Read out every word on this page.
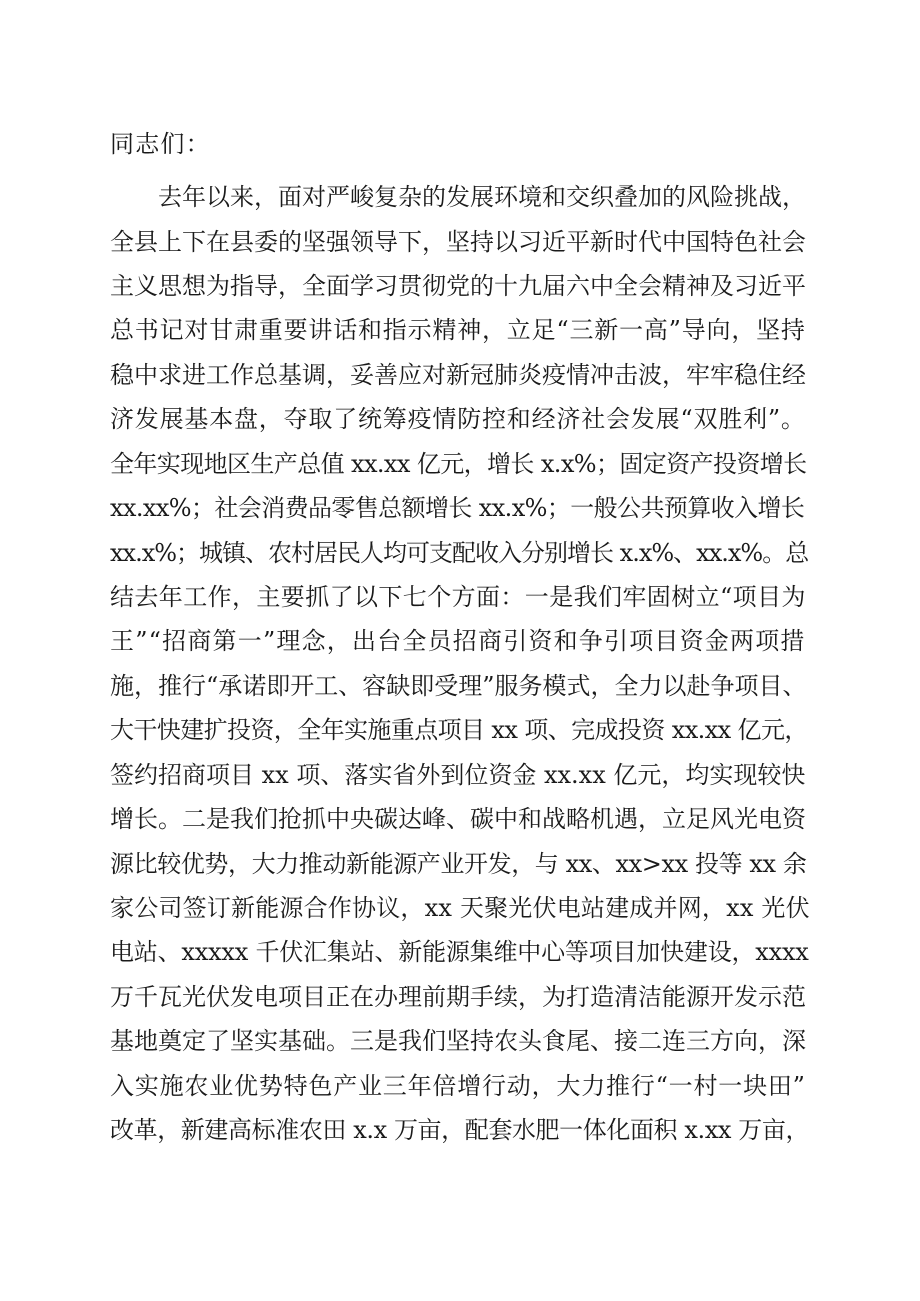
同志们：

去年以来，面对严峻复杂的发展环境和交织叠加的风险挑战，

全县上下在县委的坚强领导下，坚持以习近平新时代中国特色社会

主义思想为指导，全面学习贯彻党的十九届六中全会精神及习近平

总书记对甘肃重要讲话和指示精神，立足“三新一高”导向，坚持

稳中求进工作总基调，妥善应对新冠肺炎疫情冲击波，牢牢稳住经

济发展基本盘，夺取了统筹疫情防控和经济社会发展“双胜利”。

全年实现地区生产总值 xx.xx 亿元，增长 x.x%；固定资产投资增长

xx.xx%；社会消费品零售总额增长 xx.x%；一般公共预算收入增长

xx.x%；城镇、农村居民人均可支配收入分别增长 x.x%、xx.x%。总

结去年工作，主要抓了以下七个方面：一是我们牢固树立“项目为

王”“招商第一”理念，出台全员招商引资和争引项目资金两项措

施，推行“承诺即开工、容缺即受理”服务模式，全力以赴争项目、

大干快建扩投资，全年实施重点项目 xx 项、完成投资 xx.xx 亿元，

签约招商项目 xx 项、落实省外到位资金 xx.xx 亿元，均实现较快

增长。二是我们抢抓中央碳达峰、碳中和战略机遇，立足风光电资

源比较优势，大力推动新能源产业开发，与 xx、xx>xx 投等 xx 余

家公司签订新能源合作协议，xx 天聚光伏电站建成并网，xx 光伏

电站、xxxxx 千伏汇集站、新能源集维中心等项目加快建设，xxxx

万千瓦光伏发电项目正在办理前期手续，为打造清洁能源开发示范

基地奠定了坚实基础。三是我们坚持农头食尾、接二连三方向，深

入实施农业优势特色产业三年倍增行动，大力推行“一村一块田”

改革，新建高标准农田 x.x 万亩，配套水肥一体化面积 x.xx 万亩，
